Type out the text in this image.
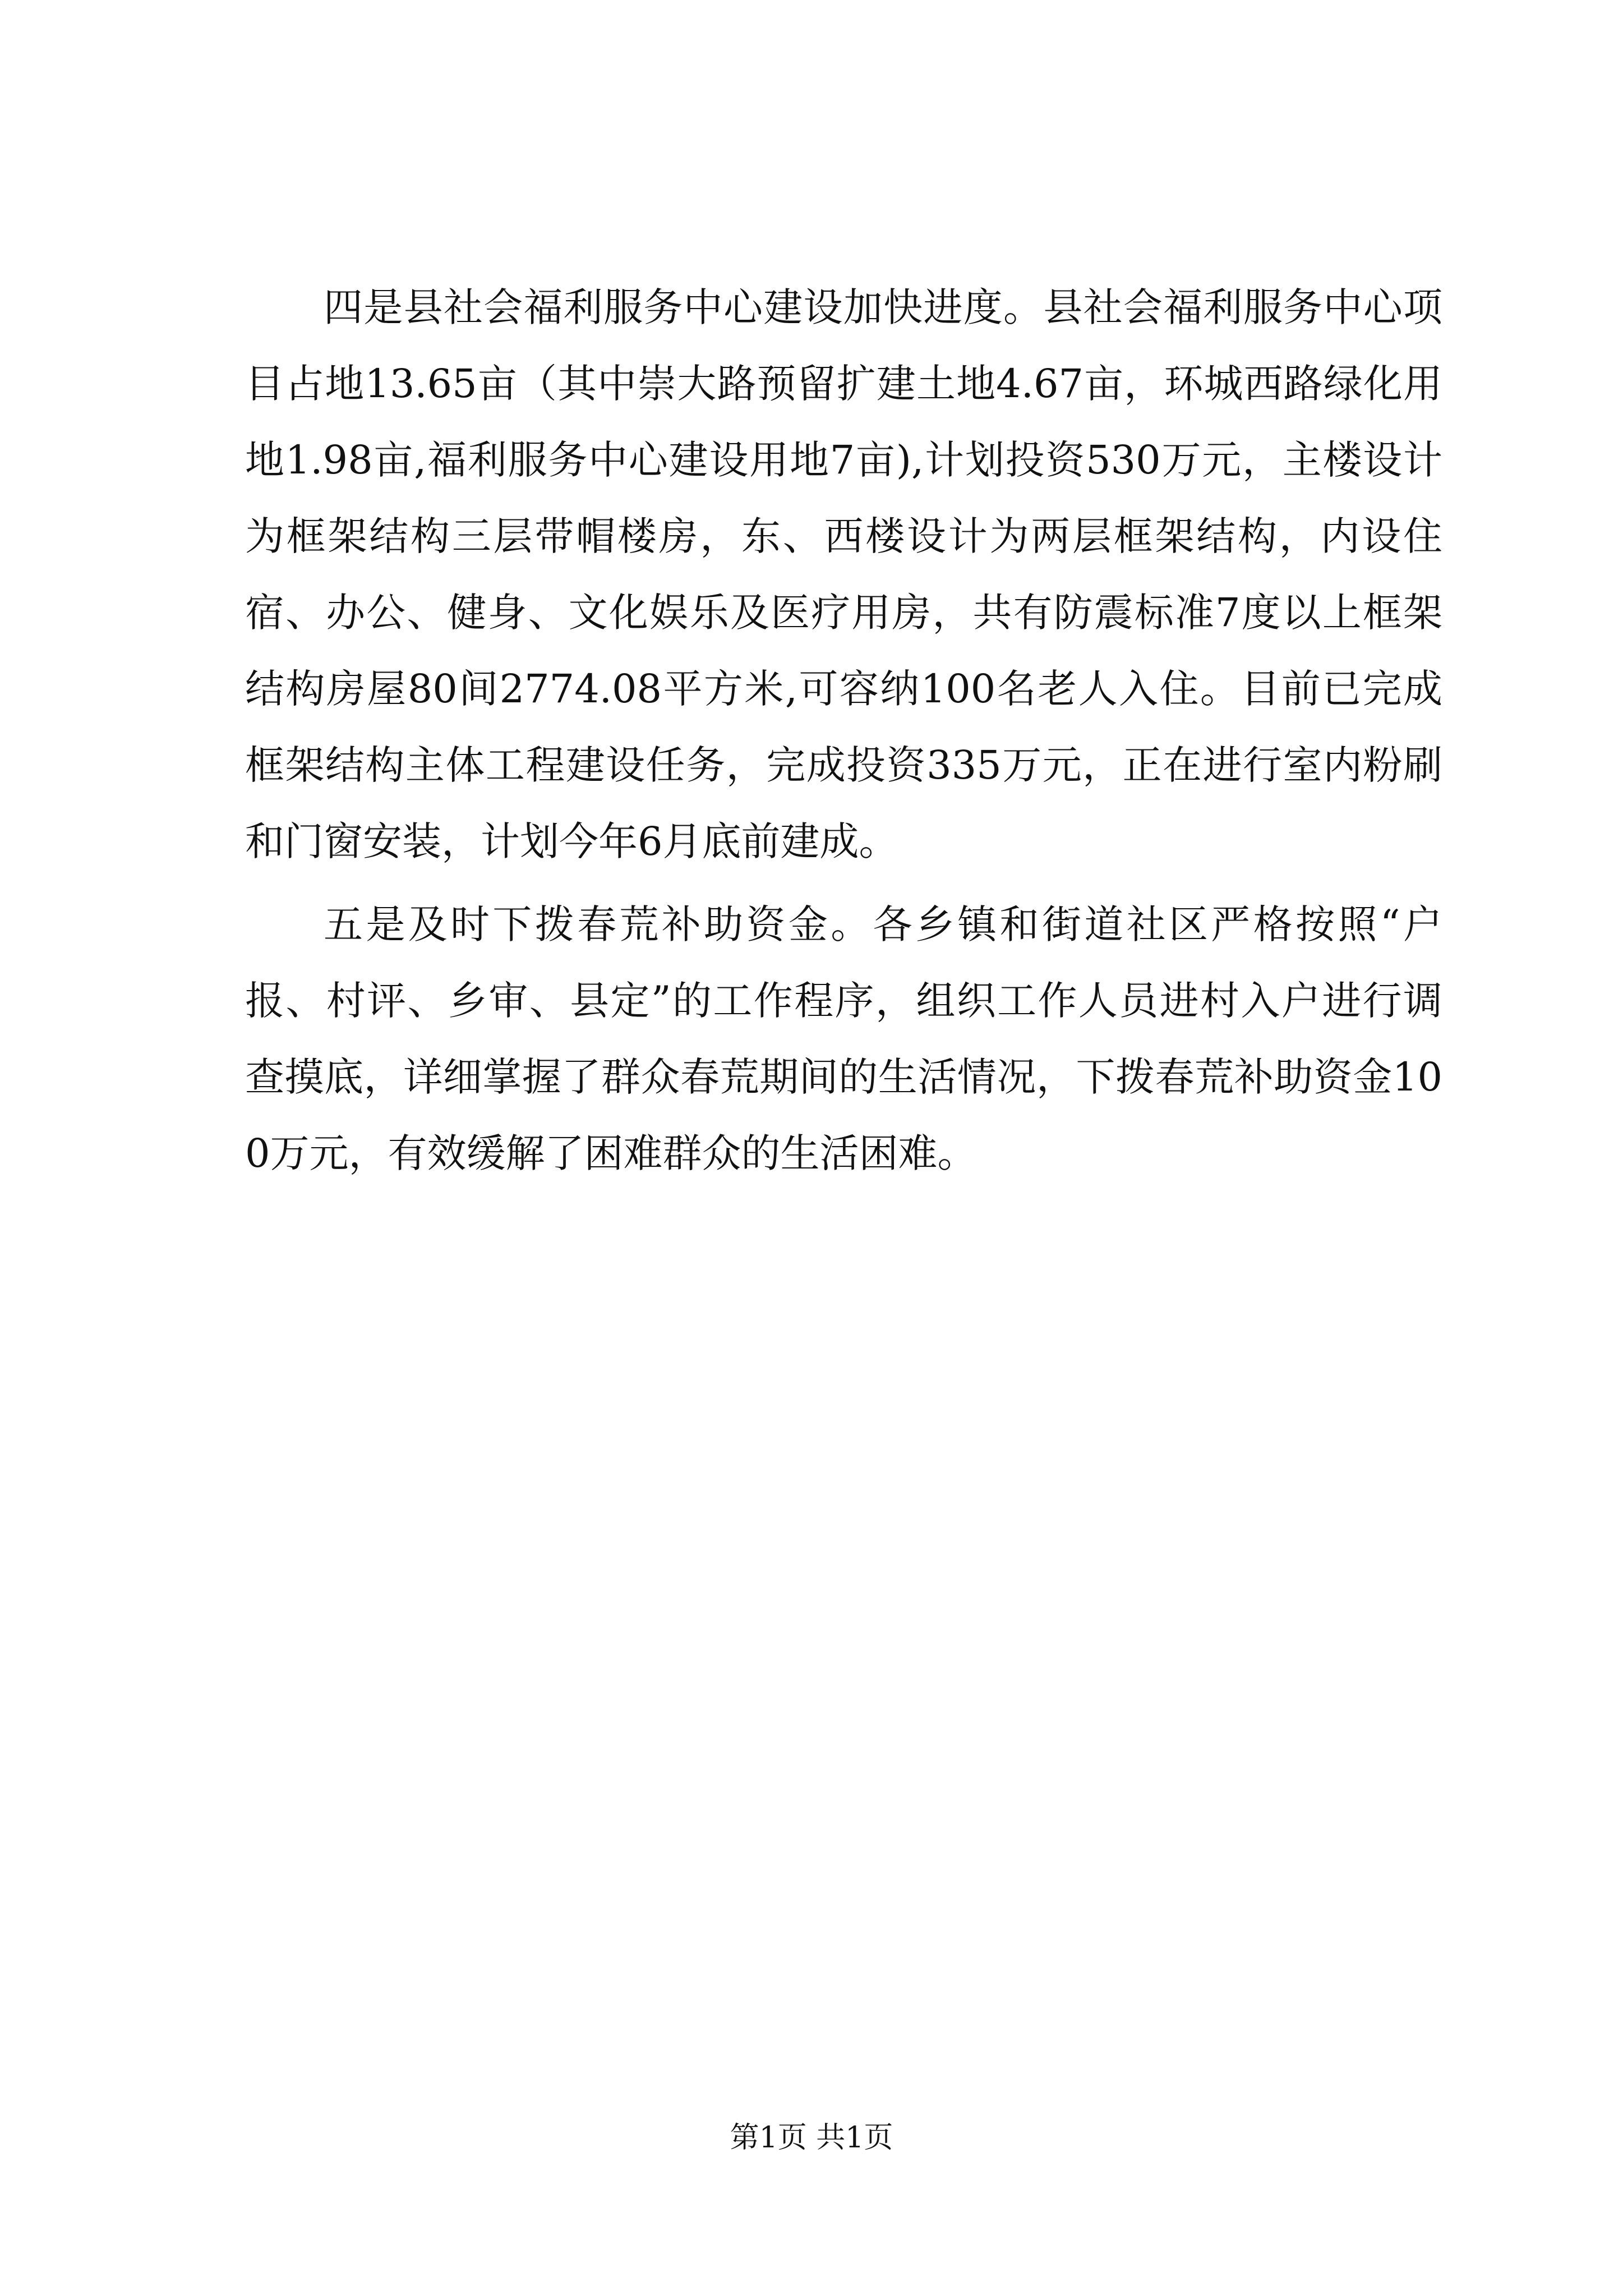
四是县社会福利服务中心建设加快进度。县社会福利服务中心项目占地13.65亩（其中崇大路预留扩建土地4.67亩，环城西路绿化用地1.98亩,福利服务中心建设用地7亩),计划投资530万元，主楼设计为框架结构三层带帽楼房，东、西楼设计为两层框架结构，内设住宿、办公、健身、文化娱乐及医疗用房，共有防震标准7度以上框架结构房屋80间2774.08平方米,可容纳100名老人入住。目前已完成框架结构主体工程建设任务，完成投资335万元，正在进行室内粉刷和门窗安装，计划今年6月底前建成。

五是及时下拨春荒补助资金。各乡镇和街道社区严格按照“户报、村评、乡审、县定”的工作程序，组织工作人员进村入户进行调查摸底，详细掌握了群众春荒期间的生活情况，下拨春荒补助资金100万元，有效缓解了困难群众的生活困难。

第1页 共1页
